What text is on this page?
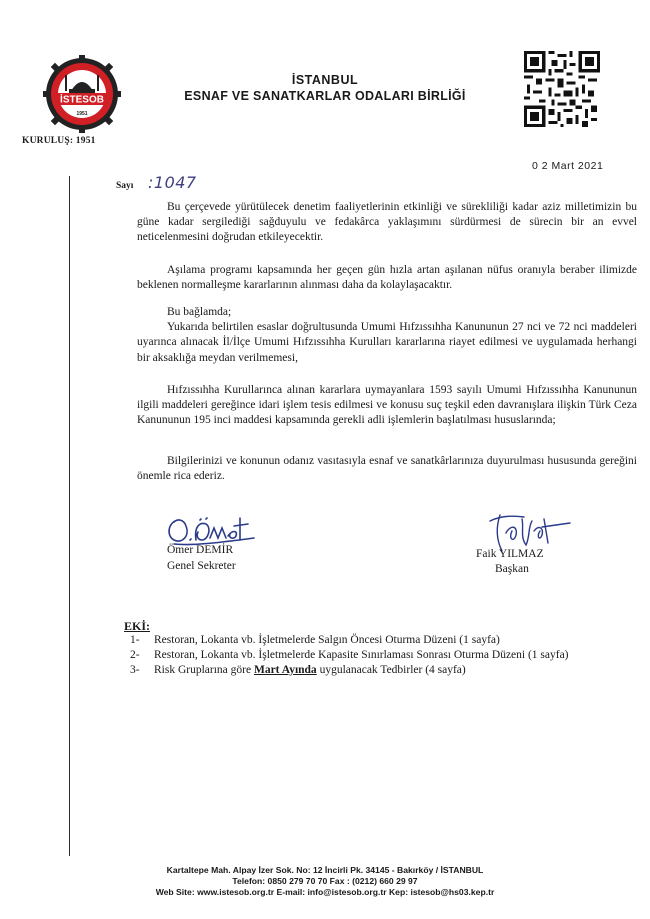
İSTESOB
1951
KURULUŞ: 1951
İSTANBUL
ESNAF VE SANATKARLAR ODALARI BİRLİĞİ
0 2 Mart 2021
Sayı :1047

Bu çerçevede yürütülecek denetim faaliyetlerinin etkinliği ve sürekliliği kadar aziz milletimizin bu güne kadar sergilediği sağduyulu ve fedakârca yaklaşımını sürdürmesi de sürecin bir an evvel neticelenmesini doğrudan etkileyecektir.

Aşılama programı kapsamında her geçen gün hızla artan aşılanan nüfus oranıyla beraber ilimizde beklenen normalleşme kararlarının alınması daha da kolaylaşacaktır.

Bu bağlamda;

Yukarıda belirtilen esaslar doğrultusunda Umumi Hıfzıssıhha Kanununun 27 nci ve 72 nci maddeleri uyarınca alınacak İl/İlçe Umumi Hıfzıssıhha Kurulları kararlarına riayet edilmesi ve uygulamada herhangi bir aksaklığa meydan verilmemesi,

Hıfzıssıhha Kurullarınca alınan kararlara uymayanlara 1593 sayılı Umumi Hıfzıssıhha Kanununun ilgili maddeleri gereğince idari işlem tesis edilmesi ve konusu suç teşkil eden davranışlara ilişkin Türk Ceza Kanununun 195 inci maddesi kapsamında gerekli adli işlemlerin başlatılması hususlarında;

Bilgilerinizi ve konunun odanız vasıtasıyla esnaf ve sanatkârlarınıza duyurulması hususunda gereğini önemle rica ederiz.

Ömer DEMİR
Genel Sekreter
Faik YILMAZ
Başkan
EKİ:
1-	Restoran, Lokanta vb. İşletmelerde Salgın Öncesi Oturma Düzeni (1 sayfa)
2-	Restoran, Lokanta vb. İşletmelerde Kapasite Sınırlaması Sonrası Oturma Düzeni (1 sayfa)
3-	Risk Gruplarına göre Mart Ayında uygulanacak Tedbirler (4 sayfa)
Kartaltepe Mah. Alpay İzer Sok. No: 12 İncirli Pk. 34145 - Bakırköy / İSTANBUL
Telefon: 0850 279 70 70 Fax : (0212) 660 29 97
Web Site: www.istesob.org.tr E-mail: info@istesob.org.tr Kep: istesob@hs03.kep.tr
